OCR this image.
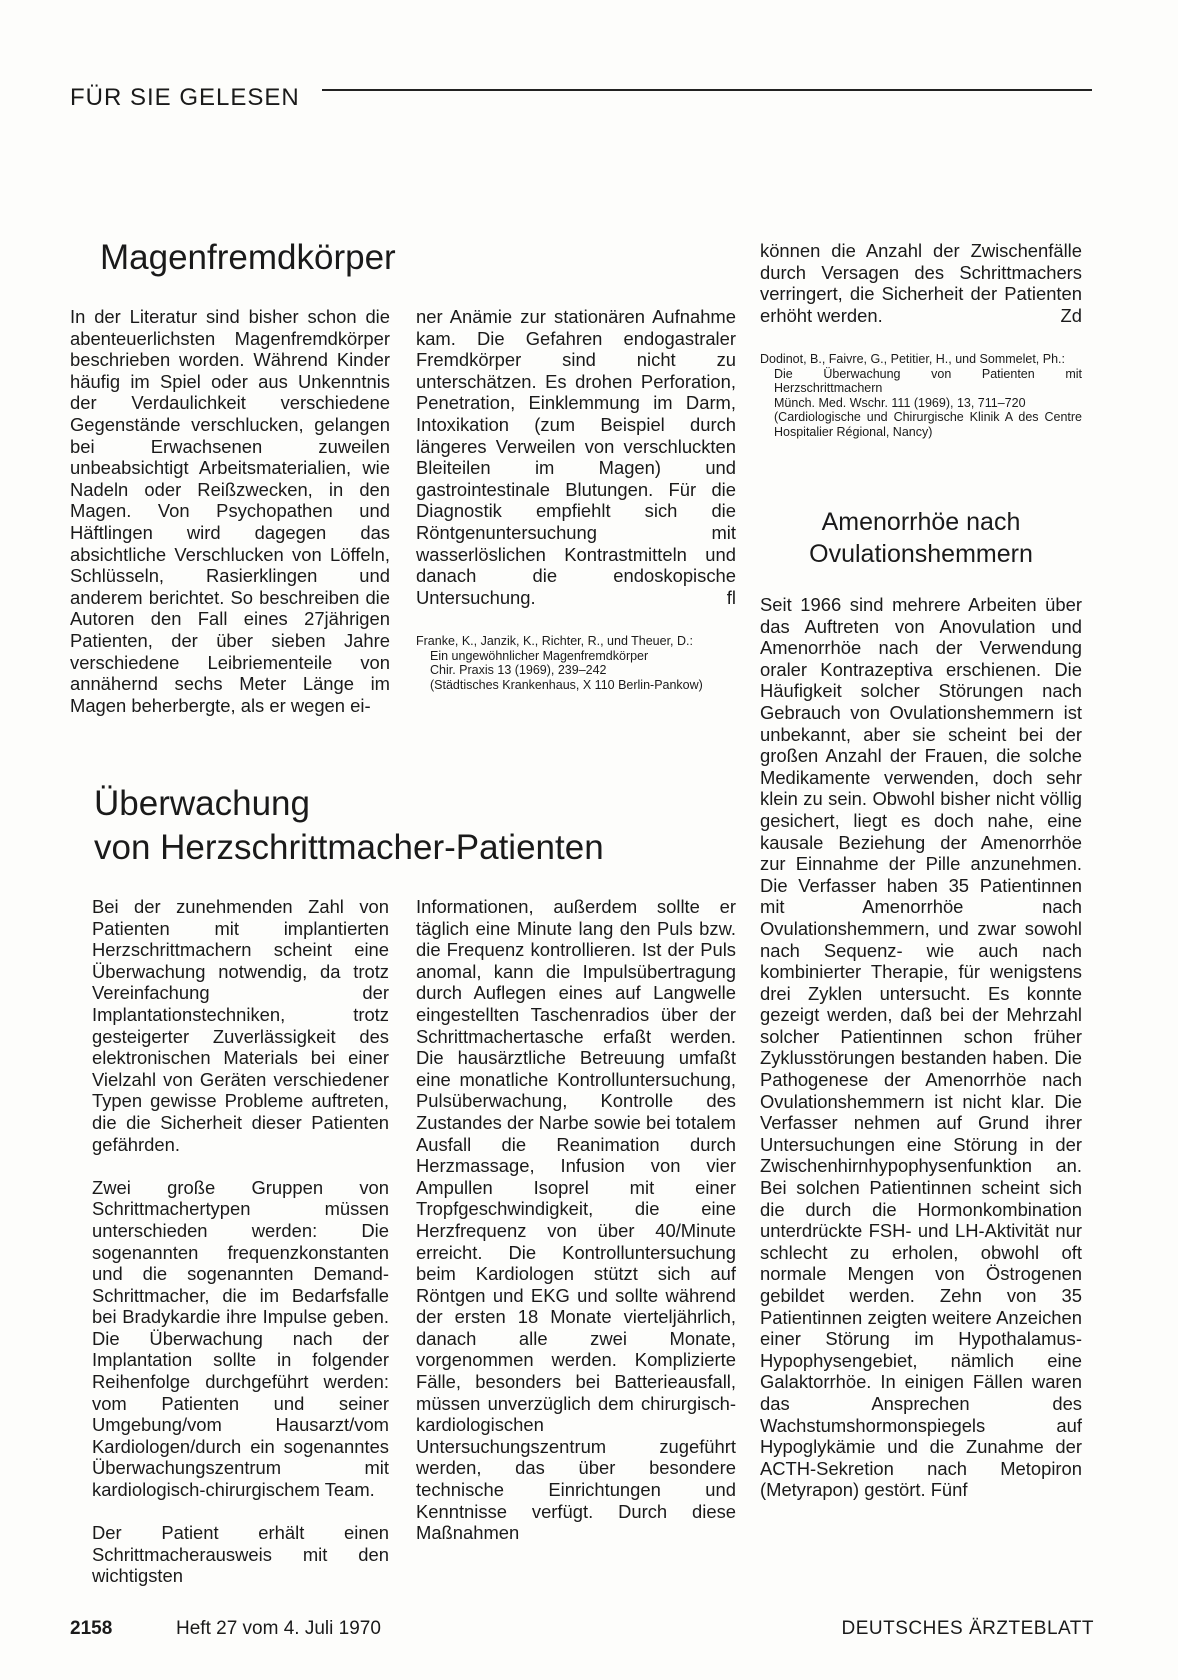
FÜR SIE GELESEN
Magenfremdkörper

In der Literatur sind bisher schon die abenteuerlichsten Magenfremdkörper beschrieben worden. Während Kinder häufig im Spiel oder aus Unkenntnis der Verdaulichkeit verschiedene Gegenstände verschlucken, gelangen bei Erwachsenen zuweilen unbeabsichtigt Arbeitsmaterialien, wie Nadeln oder Reißzwecken, in den Magen. Von Psychopathen und Häftlingen wird dagegen das absichtliche Verschlucken von Löffeln, Schlüsseln, Rasierklingen und anderem berichtet. So beschreiben die Autoren den Fall eines 27jährigen Patienten, der über sieben Jahre verschiedene Leibriementeile von annähernd sechs Meter Länge im Magen beherbergte, als er wegen ei-

ner Anämie zur stationären Aufnahme kam. Die Gefahren endogastraler Fremdkörper sind nicht zu unterschätzen. Es drohen Perforation, Penetration, Einklemmung im Darm, Intoxikation (zum Beispiel durch längeres Verweilen von verschluckten Bleiteilen im Magen) und gastrointestinale Blutungen. Für die Diagnostik empfiehlt sich die Röntgenuntersuchung mit wasserlöslichen Kontrastmitteln und danach die endoskopische Untersuchung.	fl

Franke, K., Janzik, K., Richter, R., und Theuer, D.:
Ein ungewöhnlicher Magenfremdkörper
Chir. Praxis 13 (1969), 239–242
(Städtisches Krankenhaus, X 110 Berlin-Pankow)
Überwachung
von Herzschrittmacher-Patienten

Bei der zunehmenden Zahl von Patienten mit implantierten Herzschrittmachern scheint eine Überwachung notwendig, da trotz Vereinfachung der Implantationstechniken, trotz gesteigerter Zuverlässigkeit des elektronischen Materials bei einer Vielzahl von Geräten verschiedener Typen gewisse Probleme auftreten, die die Sicherheit dieser Patienten gefährden.

Zwei große Gruppen von Schrittmachertypen müssen unterschieden werden: Die sogenannten frequenzkonstanten und die sogenannten Demand-Schrittmacher, die im Bedarfsfalle bei Bradykardie ihre Impulse geben. Die Überwachung nach der Implantation sollte in folgender Reihenfolge durchgeführt werden: vom Patienten und seiner Umgebung/vom Hausarzt/vom Kardiologen/durch ein sogenanntes Überwachungszentrum mit kardiologisch-chirurgischem Team.

Der Patient erhält einen Schrittmacherausweis mit den wichtigsten

Informationen, außerdem sollte er täglich eine Minute lang den Puls bzw. die Frequenz kontrollieren. Ist der Puls anomal, kann die Impulsübertragung durch Auflegen eines auf Langwelle eingestellten Taschenradios über der Schrittmachertasche erfaßt werden. Die hausärztliche Betreuung umfaßt eine monatliche Kontrolluntersuchung, Pulsüberwachung, Kontrolle des Zustandes der Narbe sowie bei totalem Ausfall die Reanimation durch Herzmassage, Infusion von vier Ampullen Isoprel mit einer Tropfgeschwindigkeit, die eine Herzfrequenz von über 40/Minute erreicht. Die Kontrolluntersuchung beim Kardiologen stützt sich auf Röntgen und EKG und sollte während der ersten 18 Monate vierteljährlich, danach alle zwei Monate, vorgenommen werden. Komplizierte Fälle, besonders bei Batterieausfall, müssen unverzüglich dem chirurgisch-kardiologischen Untersuchungszentrum zugeführt werden, das über besondere technische Einrichtungen und Kenntnisse verfügt. Durch diese Maßnahmen

können die Anzahl der Zwischenfälle durch Versagen des Schrittmachers verringert, die Sicherheit der Patienten erhöht werden.	Zd

Dodinot, B., Faivre, G., Petitier, H., und Sommelet, Ph.:
Die Überwachung von Patienten mit Herzschrittmachern
Münch. Med. Wschr. 111 (1969), 13, 711–720
(Cardiologische und Chirurgische Klinik A des Centre Hospitalier Régional, Nancy)
Amenorrhöe nach
Ovulationshemmern

Seit 1966 sind mehrere Arbeiten über das Auftreten von Anovulation und Amenorrhöe nach der Verwendung oraler Kontrazeptiva erschienen. Die Häufigkeit solcher Störungen nach Gebrauch von Ovulationshemmern ist unbekannt, aber sie scheint bei der großen Anzahl der Frauen, die solche Medikamente verwenden, doch sehr klein zu sein. Obwohl bisher nicht völlig gesichert, liegt es doch nahe, eine kausale Beziehung der Amenorrhöe zur Einnahme der Pille anzunehmen. Die Verfasser haben 35 Patientinnen mit Amenorrhöe nach Ovulationshemmern, und zwar sowohl nach Sequenz- wie auch nach kombinierter Therapie, für wenigstens drei Zyklen untersucht. Es konnte gezeigt werden, daß bei der Mehrzahl solcher Patientinnen schon früher Zyklusstörungen bestanden haben. Die Pathogenese der Amenorrhöe nach Ovulationshemmern ist nicht klar. Die Verfasser nehmen auf Grund ihrer Untersuchungen eine Störung in der Zwischenhirnhypophysenfunktion an. Bei solchen Patientinnen scheint sich die durch die Hormonkombination unterdrückte FSH- und LH-Aktivität nur schlecht zu erholen, obwohl oft normale Mengen von Östrogenen gebildet werden. Zehn von 35 Patientinnen zeigten weitere Anzeichen einer Störung im Hypothalamus-Hypophysengebiet, nämlich eine Galaktorrhöe. In einigen Fällen waren das Ansprechen des Wachstumshormonspiegels auf Hypoglykämie und die Zunahme der ACTH-Sekretion nach Metopiron (Metyrapon) gestört. Fünf

2158	Heft 27 vom 4. Juli 1970	DEUTSCHES ÄRZTEBLATT
